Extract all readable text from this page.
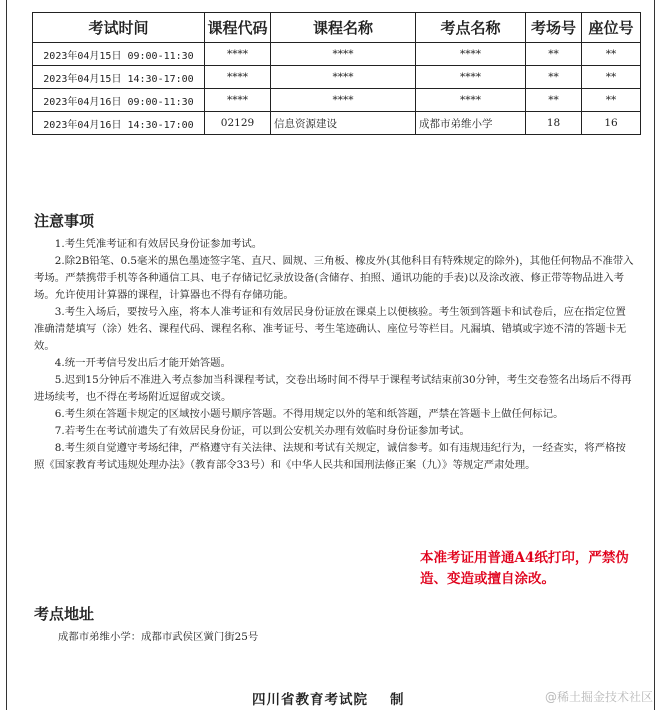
考试时间	课程代码	课程名称	考点名称	考场号	座位号
2023年04月15日 09:00-11:30	****	****	****	**	**
2023年04月15日 14:30-17:00	****	****	****	**	**
2023年04月16日 09:00-11:30	****	****	****	**	**
2023年04月16日 14:30-17:00	02129	信息资源建设	成都市弟维小学	18	16
注意事项
1.考生凭准考证和有效居民身份证参加考试。
2.除2B铅笔、0.5毫米的黑色墨迹签字笔、直尺、圆规、三角板、橡皮外(其他科目有特殊规定的除外)，其他任何物品不准带入考场。严禁携带手机等各种通信工具、电子存储记忆录放设备(含储存、拍照、通讯功能的手表)以及涂改液、修正带等物品进入考场。允许使用计算器的课程，计算器也不得有存储功能。
3.考生入场后，要按号入座，将本人准考证和有效居民身份证放在课桌上以便核验。考生领到答题卡和试卷后，应在指定位置准确清楚填写（涂）姓名、课程代码、课程名称、准考证号、考生笔迹确认、座位号等栏目。凡漏填、错填或字迹不清的答题卡无效。
4.统一开考信号发出后才能开始答题。
5.迟到15分钟后不准进入考点参加当科课程考试，交卷出场时间不得早于课程考试结束前30分钟，考生交卷签名出场后不得再进场续考，也不得在考场附近逗留或交谈。
6.考生须在答题卡规定的区域按小题号顺序答题。不得用规定以外的笔和纸答题，严禁在答题卡上做任何标记。
7.若考生在考试前遗失了有效居民身份证，可以到公安机关办理有效临时身份证参加考试。
8.考生须自觉遵守考场纪律，严格遵守有关法律、法规和考试有关规定，诚信参考。如有违规违纪行为，一经查实，将严格按照《国家教育考试违规处理办法》（教育部令33号）和《中华人民共和国刑法修正案（九）》等规定严肃处理。
本准考证用普通A4纸打印，严禁伪造、变造或擅自涂改。
考点地址
成都市弟维小学：成都市武侯区黉门街25号
四川省教育考试院 制	@稀土掘金技术社区
